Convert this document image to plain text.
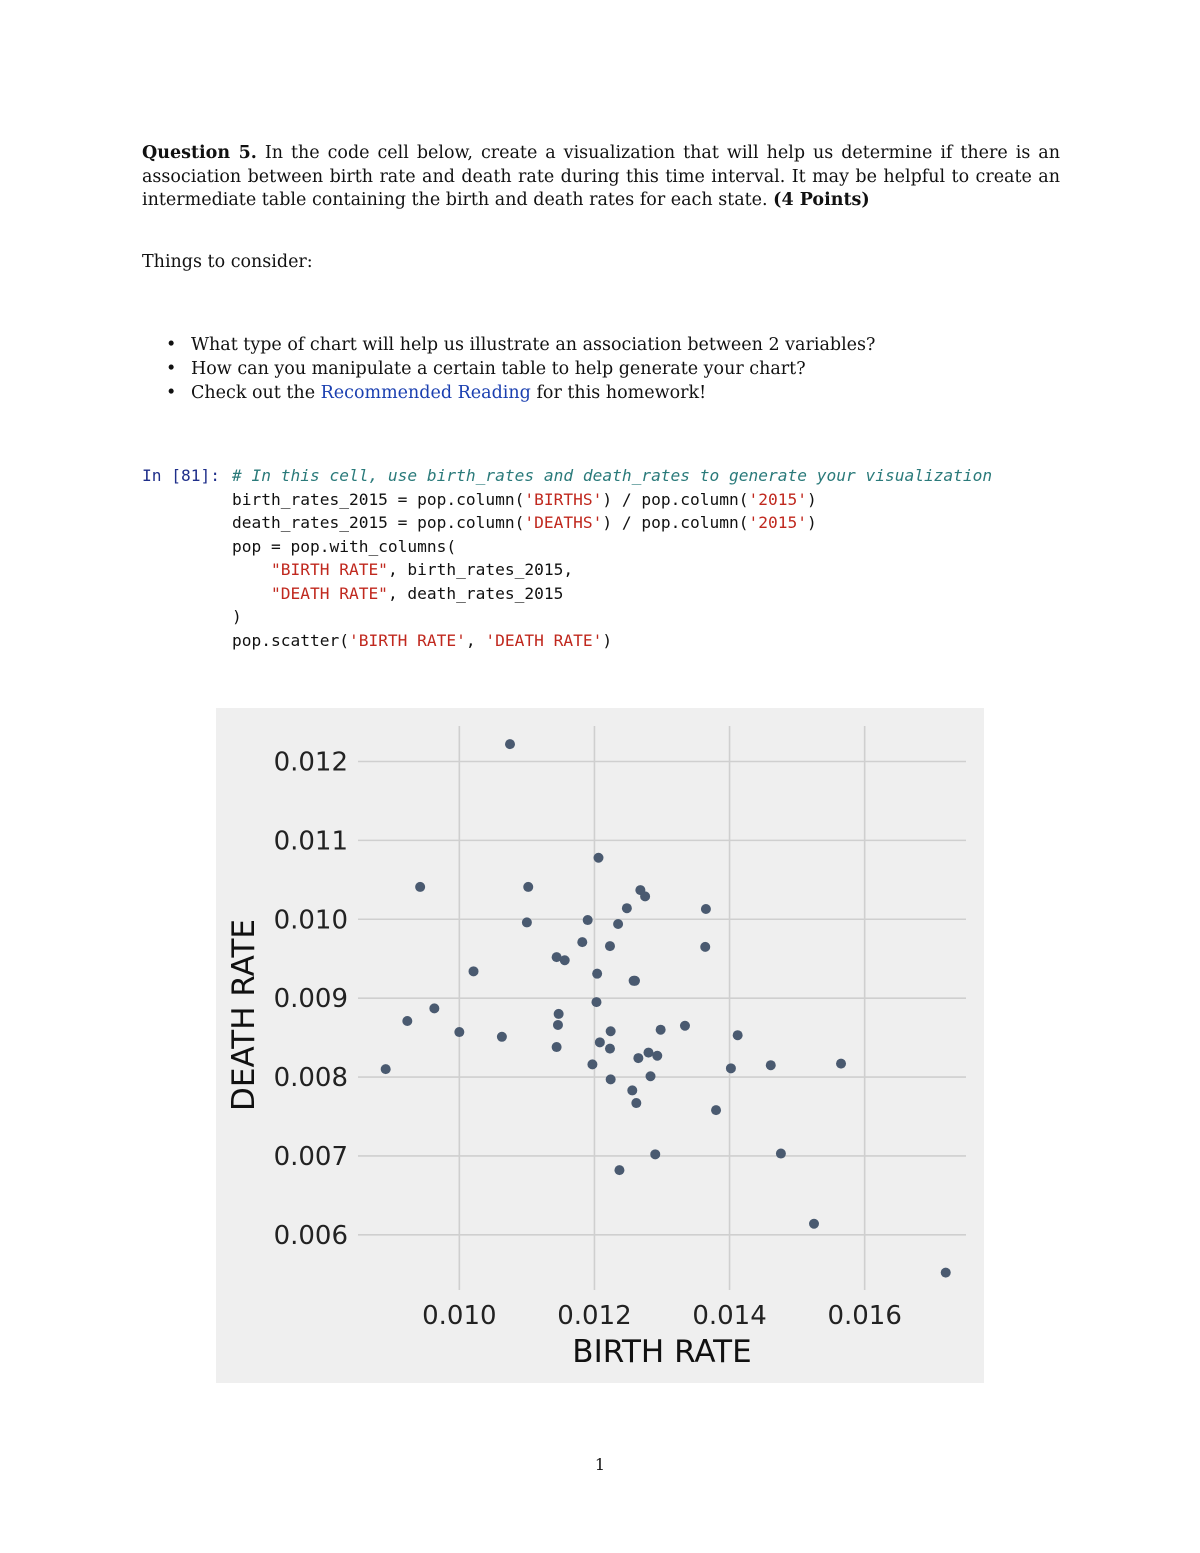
Question 5. In the code cell below, create a visualization that will help us determine if there is an association between birth rate and death rate during this time interval. It may be helpful to create an intermediate table containing the birth and death rates for each state. (4 Points)
Things to consider:
• What type of chart will help us illustrate an association between 2 variables?
• How can you manipulate a certain table to help generate your chart?
• Check out the Recommended Reading for this homework!
In [81]: # In this cell, use birth_rates and death_rates to generate your visualization
birth_rates_2015 = pop.column('BIRTHS') / pop.column('2015')
death_rates_2015 = pop.column('DEATHS') / pop.column('2015')
pop = pop.with_columns(
"BIRTH RATE", birth_rates_2015,
"DEATH RATE", death_rates_2015
)
pop.scatter('BIRTH RATE', 'DEATH RATE')
0.010 0.012 0.014 0.016
0.006
0.007
0.008
0.009
0.010
0.011
0.012
BIRTH RATE
DEATH RATE
1
